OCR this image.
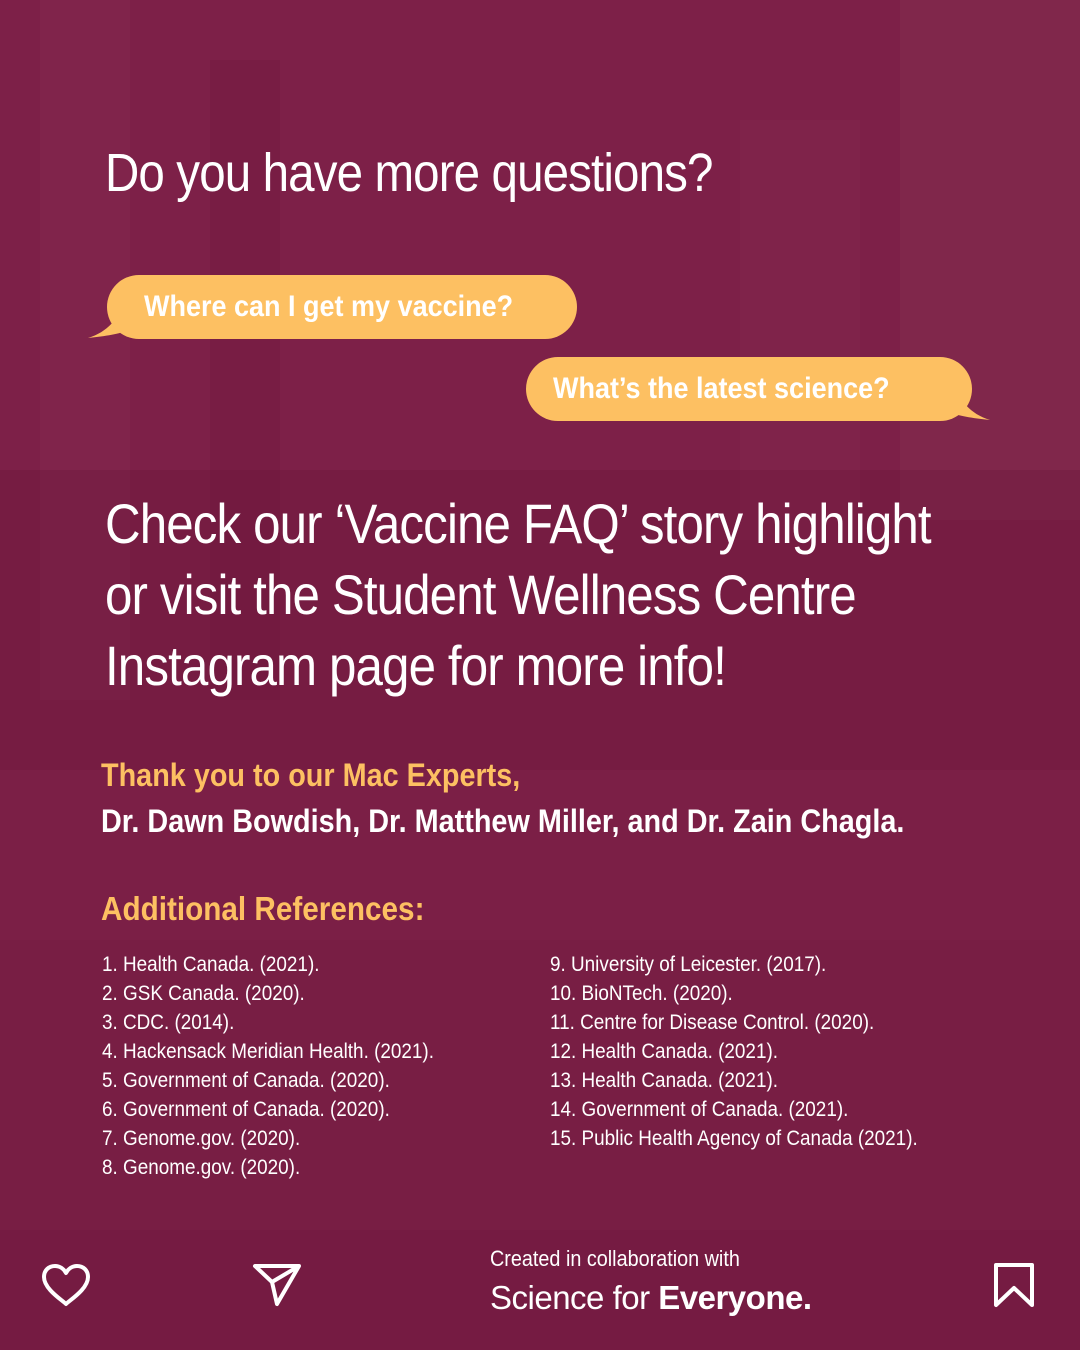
Do you have more questions?
Where can I get my vaccine?
What’s the latest science?
Check our ‘Vaccine FAQ’ story highlight
or visit the Student Wellness Centre
Instagram page for more info!
Thank you to our Mac Experts,
Dr. Dawn Bowdish, Dr. Matthew Miller, and Dr. Zain Chagla.
Additional References:
1. Health Canada. (2021).
2. GSK Canada. (2020).
3. CDC. (2014).
4. Hackensack Meridian Health. (2021).
5. Government of Canada. (2020).
6. Government of Canada. (2020).
7. Genome.gov. (2020).
8. Genome.gov. (2020).
9. University of Leicester. (2017).
10. BioNTech. (2020).
11. Centre for Disease Control. (2020).
12. Health Canada. (2021).
13. Health Canada. (2021).
14. Government of Canada. (2021).
15. Public Health Agency of Canada (2021).
Created in collaboration with
Science for Everyone.
